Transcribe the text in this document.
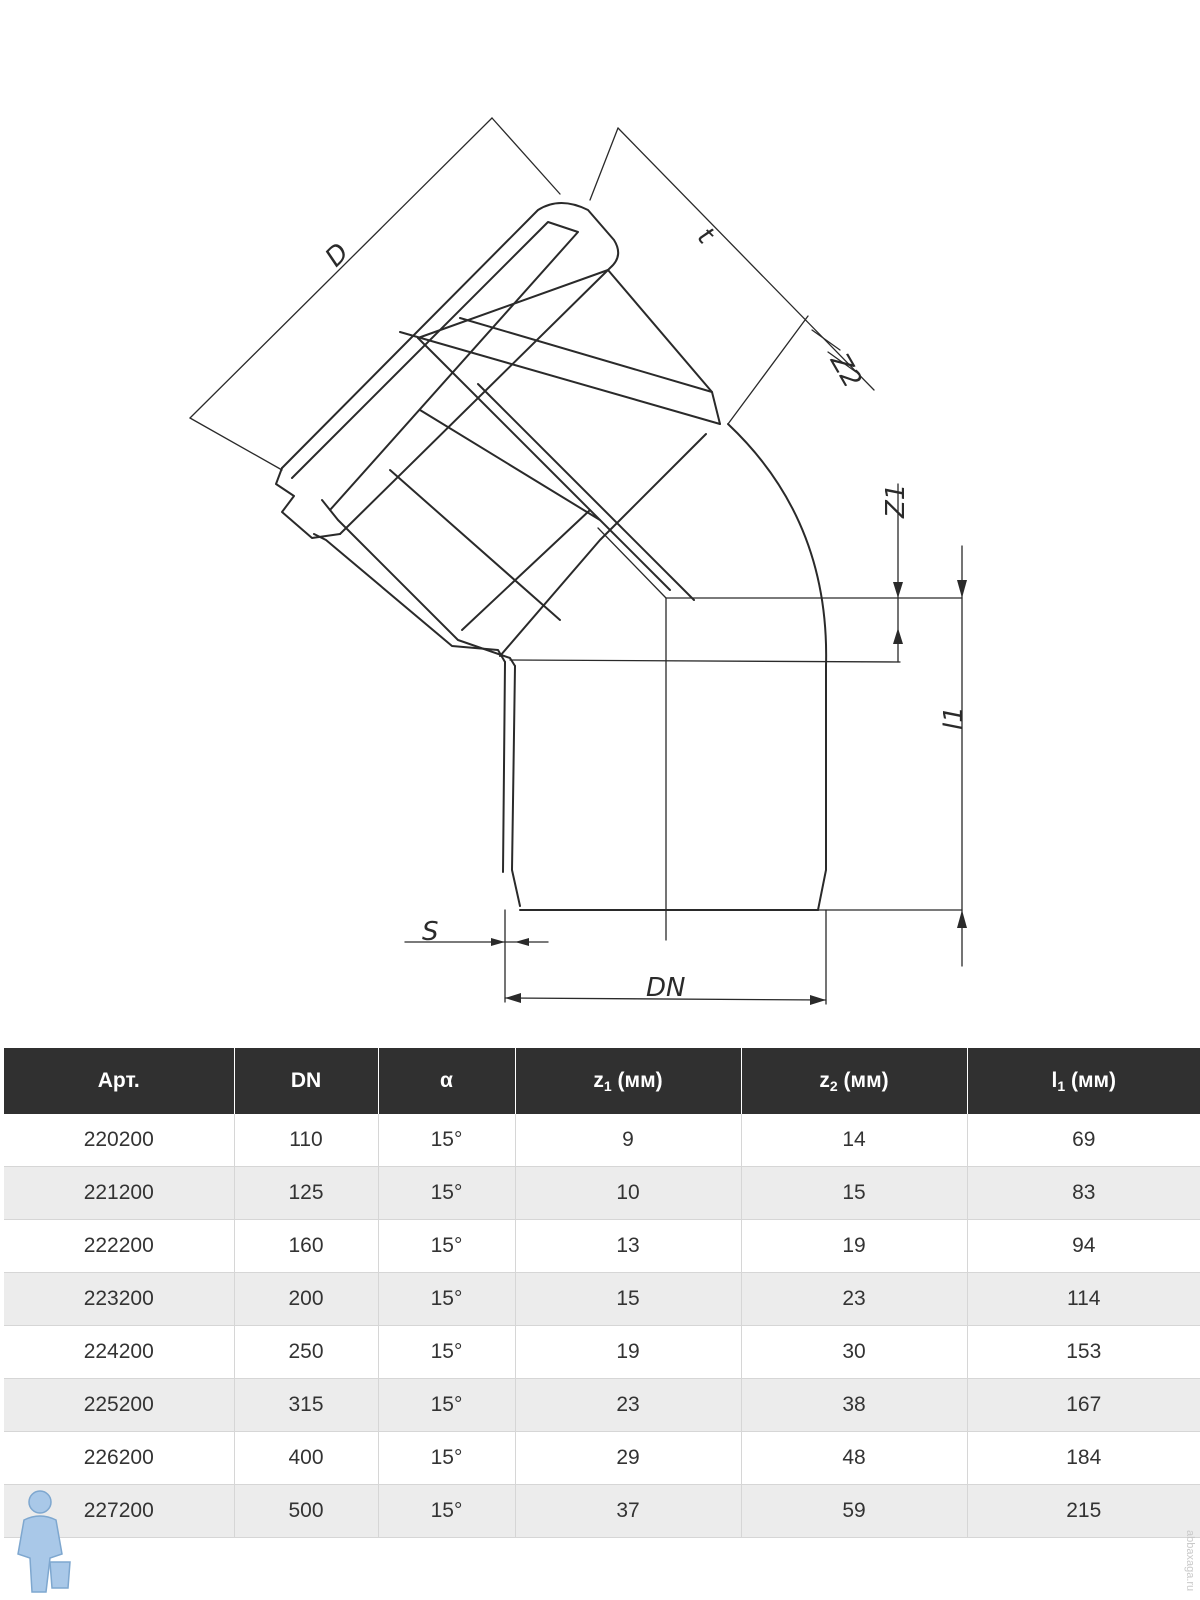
D
t
Z2
Z1
l1
S
DN
Арт.	DN	α	$z_1$ (мм)	$z_2$ (мм)	$l_1$ (мм)
220200	110	15°	9	14	69
221200	125	15°	10	15	83
222200	160	15°	13	19	94
223200	200	15°	15	23	114
224200	250	15°	19	30	153
225200	315	15°	23	38	167
226200	400	15°	29	48	184
227200	500	15°	37	59	215
abbaxaga.ru
